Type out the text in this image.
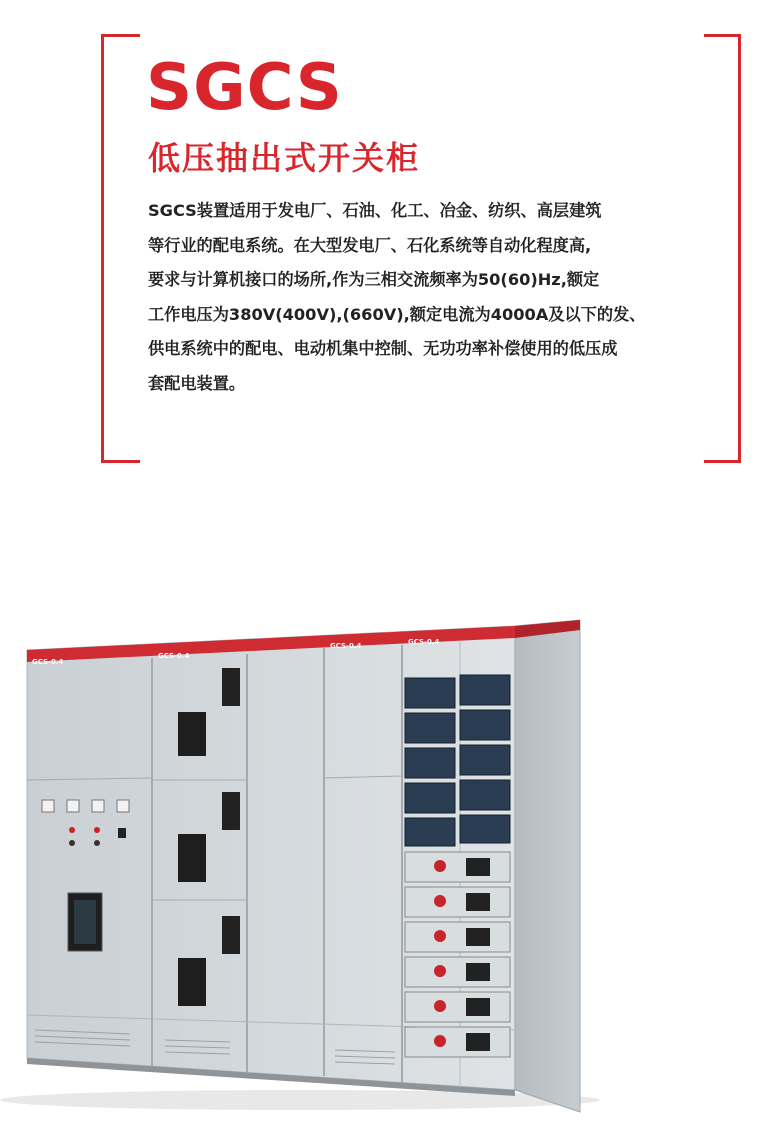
SGCS
低压抽出式开关柜
SGCS装置适用于发电厂、石油、化工、冶金、纺织、高层建筑
等行业的配电系统。在大型发电厂、石化系统等自动化程度高,
要求与计算机接口的场所,作为三相交流频率为50(60)Hz,额定
工作电压为380V(400V),(660V),额定电流为4000A及以下的发、
供电系统中的配电、电动机集中控制、无功功率补偿使用的低压成
套配电装置。
GCS-0.4
GCS-0.4
GCS-0.4	GCS-0.4
